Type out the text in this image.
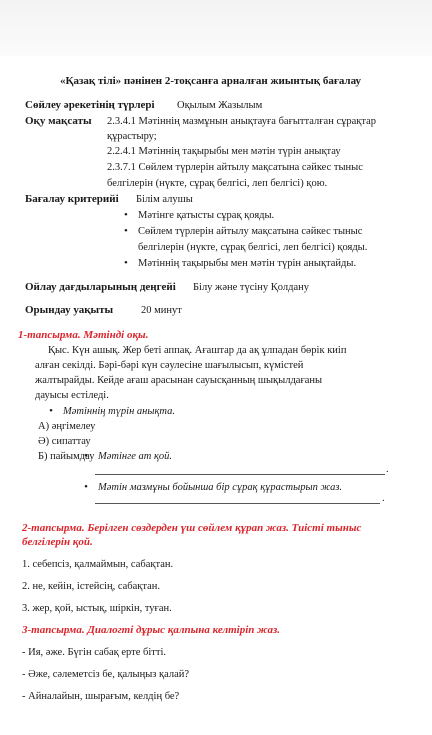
«Қазақ тілі» пәнінен 2-тоқсанға арналған жиынтық бағалау
Сөйлеу әрекетінің түрлері Оқылым Жазылым
Оқу мақсаты 2.3.4.1 Мәтіннің мазмұнын анықтауға бағытталған сұрақтар
құрастыру;
2.2.4.1 Мәтіннің тақырыбы мен мәтін түрін анықтау
2.3.7.1 Сөйлем түрлерін айтылу мақсатына сәйкес тыныс
белгілерін (нүкте, сұрақ белгісі, леп белгісі) қою.
Бағалау критерийі Білім алушы
• Мәтінге қатысты сұрақ қояды.
• Сөйлем түрлерін айтылу мақсатына сәйкес тыныс
белгілерін (нүкте, сұрақ белгісі, леп белгісі) қояды.
• Мәтіннің тақырыбы мен мәтін түрін анықтайды.
Ойлау дағдыларының деңгейі Білу және түсіну Қолдану
Орындау уақыты	20 минут
1-тапсырма. Мәтінді оқы.
Қыс. Күн ашық. Жер беті аппақ. Ағаштар да ақ ұлпадан бөрік киіп
алған секілді. Бәрі-бәрі күн сәулесіне шағылысып, күмістей
жалтырайды. Кейде ағаш арасынан сауысқанның шықылдағаны
дауысы естіледі.
• Мәтіннің түрін анықта.
А) әңгімелеу
Ә) сипаттау
Б) пайымдау
• Мәтінге ат қой.
.
• Мәтін мазмұны бойынша бір сұрақ құрастырып жаз.
.
2-тапсырма. Берілген сөздерден үш сөйлем құрап жаз. Тиісті тыныс
белгілерін қой.
1. себепсіз, қалмаймын, сабақтан.
2. не, кейін, істейсің, сабақтан.
3. жер, қой, ыстық, шіркін, туған.
3-тапсырма. Диалогті дұрыс қалпына келтіріп жаз.
- Ия, әже. Бүгін сабақ ерте бітті.
- Әже, сәлеметсіз бе, қалыңыз қалай?
- Айналайын, шырағым, келдің бе?
